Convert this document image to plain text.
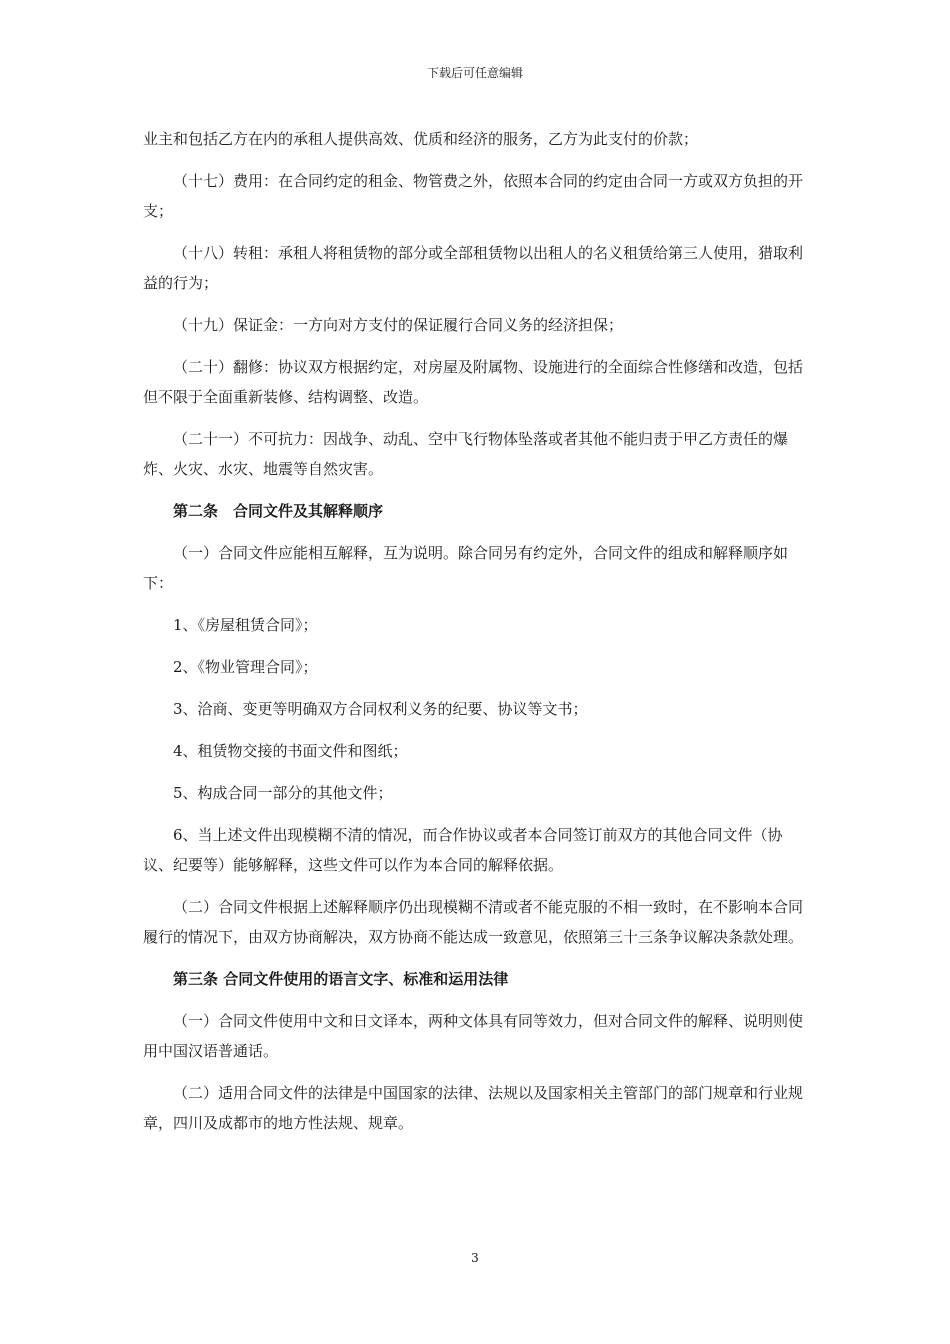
下载后可任意编辑

业主和包括乙方在内的承租人提供高效、优质和经济的服务，乙方为此支付的价款；

（十七）费用：在合同约定的租金、物管费之外，依照本合同的约定由合同一方或双方负担的开支；

（十八）转租：承租人将租赁物的部分或全部租赁物以出租人的名义租赁给第三人使用，猎取利益的行为；

（十九）保证金：一方向对方支付的保证履行合同义务的经济担保；

（二十）翻修：协议双方根据约定，对房屋及附属物、设施进行的全面综合性修缮和改造，包括但不限于全面重新装修、结构调整、改造。

（二十一）不可抗力：因战争、动乱、空中飞行物体坠落或者其他不能归责于甲乙方责任的爆炸、火灾、水灾、地震等自然灾害。

第二条　合同文件及其解释顺序

（一）合同文件应能相互解释，互为说明。除合同另有约定外，合同文件的组成和解释顺序如下：

1、《房屋租赁合同》；

2、《物业管理合同》；

3、洽商、变更等明确双方合同权利义务的纪要、协议等文书；

4、租赁物交接的书面文件和图纸；

5、构成合同一部分的其他文件；

6、当上述文件出现模糊不清的情况，而合作协议或者本合同签订前双方的其他合同文件（协议、纪要等）能够解释，这些文件可以作为本合同的解释依据。

（二）合同文件根据上述解释顺序仍出现模糊不清或者不能克服的不相一致时，在不影响本合同履行的情况下，由双方协商解决，双方协商不能达成一致意见，依照第三十三条争议解决条款处理。

第三条 合同文件使用的语言文字、标准和运用法律

（一）合同文件使用中文和日文译本，两种文体具有同等效力，但对合同文件的解释、说明则使用中国汉语普通话。

（二）适用合同文件的法律是中国国家的法律、法规以及国家相关主管部门的部门规章和行业规章，四川及成都市的地方性法规、规章。

3
